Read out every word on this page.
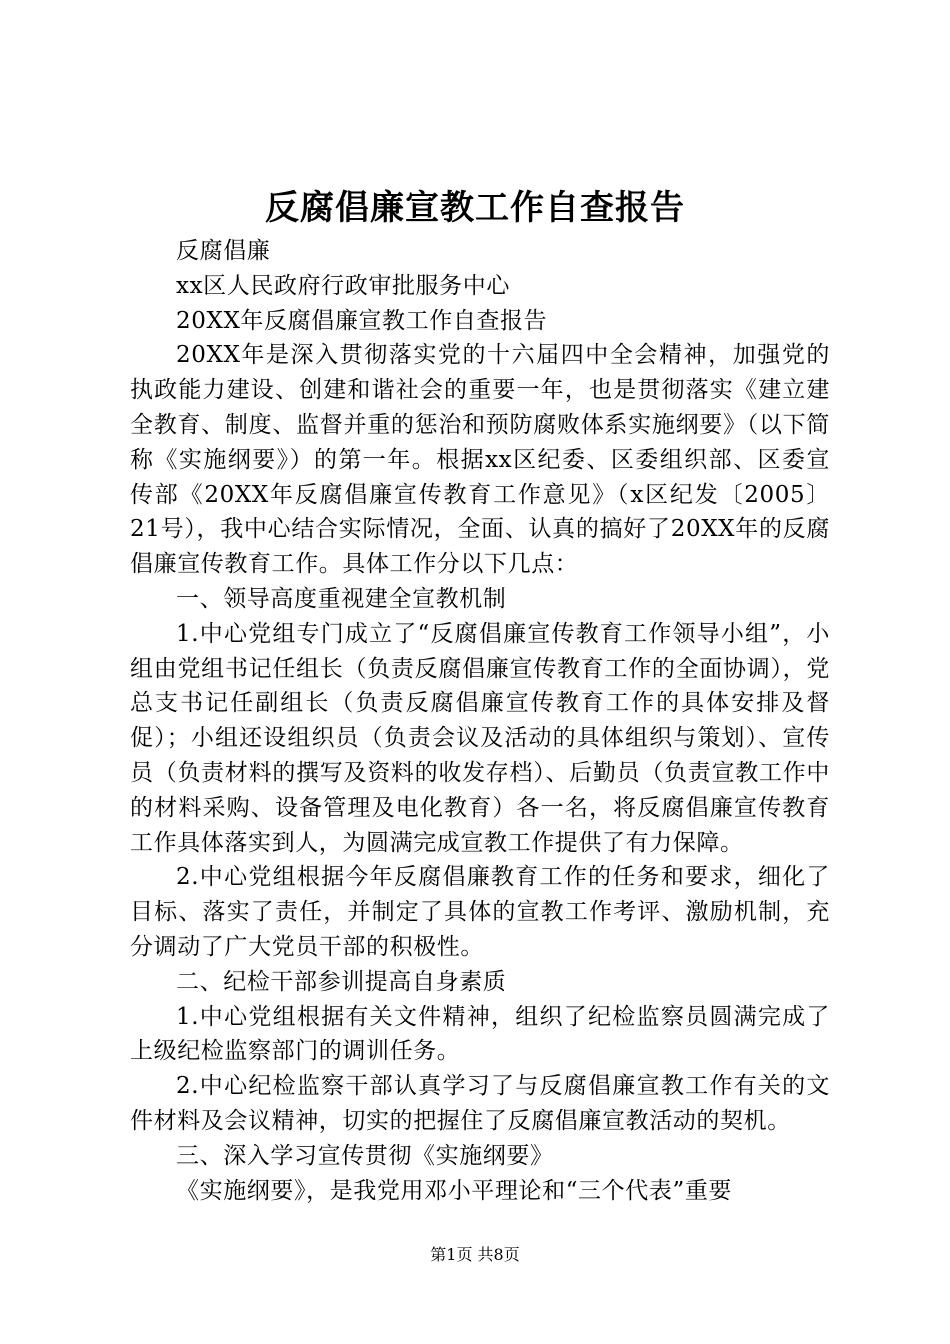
反腐倡廉宣教工作自查报告

反腐倡廉

xx区人民政府行政审批服务中心

20XX年反腐倡廉宣教工作自查报告

20XX年是深入贯彻落实党的十六届四中全会精神，加强党的执政能力建设、创建和谐社会的重要一年，也是贯彻落实《建立建全教育、制度、监督并重的惩治和预防腐败体系实施纲要》（以下简称《实施纲要》）的第一年。根据xx区纪委、区委组织部、区委宣传部《20XX年反腐倡廉宣传教育工作意见》（x区纪发〔2005〕21号），我中心结合实际情况，全面、认真的搞好了20XX年的反腐倡廉宣传教育工作。具体工作分以下几点：

一、领导高度重视建全宣教机制

1.中心党组专门成立了“反腐倡廉宣传教育工作领导小组”，小组由党组书记任组长（负责反腐倡廉宣传教育工作的全面协调），党总支书记任副组长（负责反腐倡廉宣传教育工作的具体安排及督促）；小组还设组织员（负责会议及活动的具体组织与策划）、宣传员（负责材料的撰写及资料的收发存档）、后勤员（负责宣教工作中的材料采购、设备管理及电化教育）各一名，将反腐倡廉宣传教育工作具体落实到人，为圆满完成宣教工作提供了有力保障。

2.中心党组根据今年反腐倡廉教育工作的任务和要求，细化了目标、落实了责任，并制定了具体的宣教工作考评、激励机制，充分调动了广大党员干部的积极性。

二、纪检干部参训提高自身素质

1.中心党组根据有关文件精神，组织了纪检监察员圆满完成了上级纪检监察部门的调训任务。

2.中心纪检监察干部认真学习了与反腐倡廉宣教工作有关的文件材料及会议精神，切实的把握住了反腐倡廉宣教活动的契机。

三、深入学习宣传贯彻《实施纲要》

《实施纲要》，是我党用邓小平理论和“三个代表”重要

第1页 共8页
